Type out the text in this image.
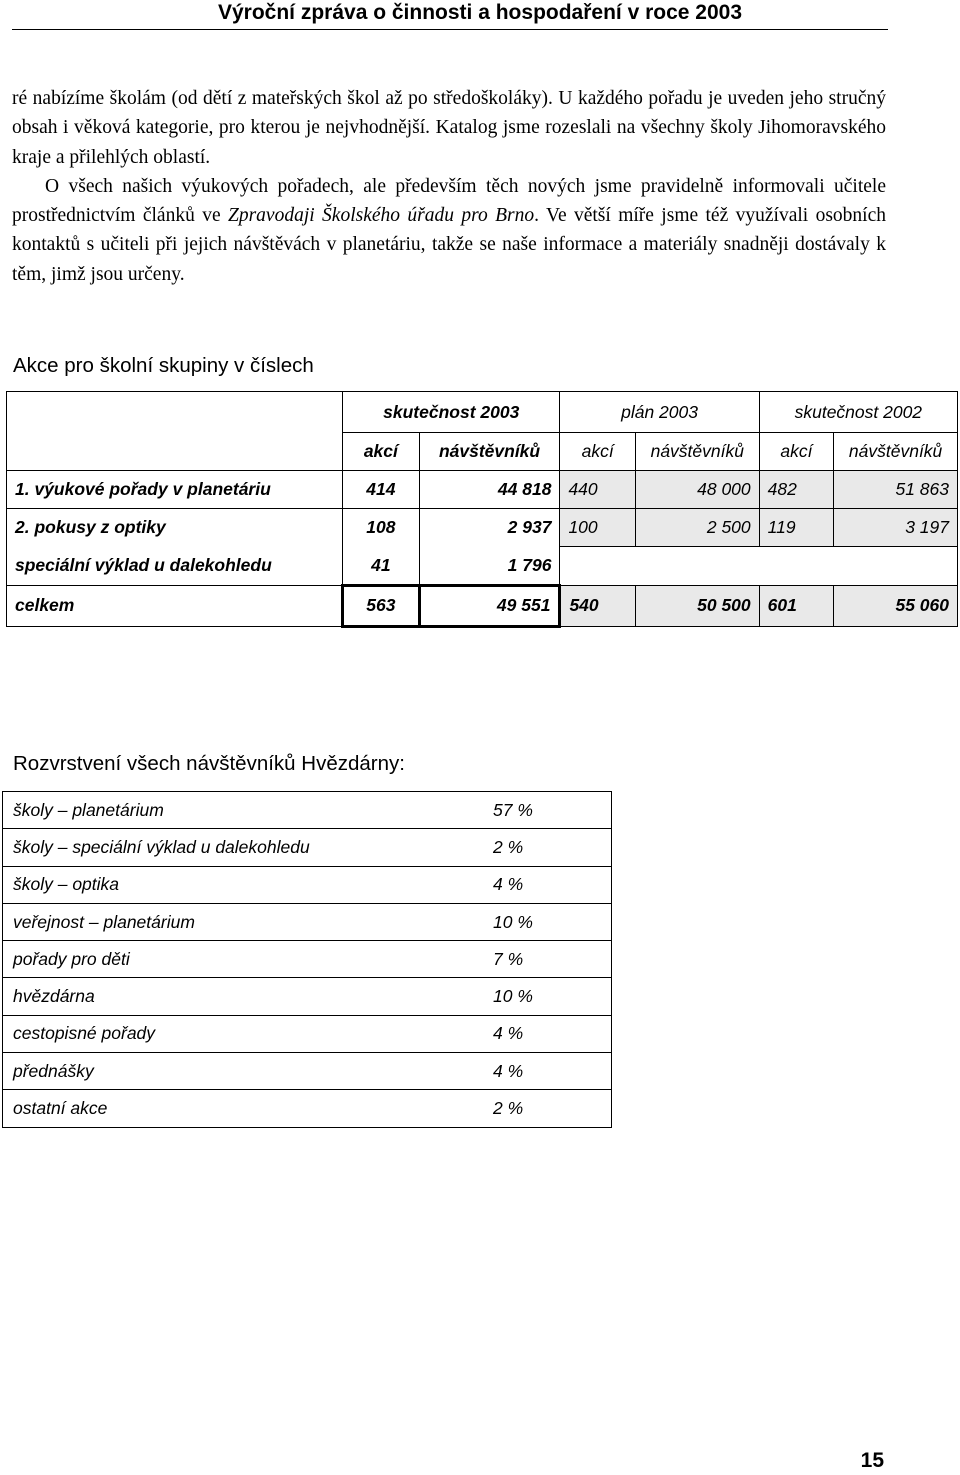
Výroční zpráva o činnosti a hospodaření v roce 2003

ré nabízíme školám (od dětí z mateřských škol až po středoškoláky). U každého pořadu je uveden jeho stručný obsah i věková kategorie, pro kterou je nejvhodnější. Katalog jsme rozeslali na všechny školy Jihomoravského kraje a přilehlých oblastí.

O všech našich výukových pořadech, ale především těch nových jsme pravidelně informovali učitele prostřednictvím článků ve Zpravodaji Školského úřadu pro Brno. Ve větší míře jsme též využívali osobních kontaktů s učiteli při jejich návštěvách v planetáriu, takže se naše informace a materiály snadněji dostávaly k těm, jimž jsou určeny.

Akce pro školní skupiny v číslech
	skutečnost 2003		plán 2003		skutečnost 2002	
	akcí	návštěvníků	akcí	návštěvníků	akcí	návštěvníků
1. výukové pořady v planetáriu	414	44 818	440	48 000	482	51 863
2. pokusy z optiky	108	2 937	100	2 500	119	3 197
speciální výklad u dalekohledu	41	1 796				
celkem	563	49 551	540	50 500	601	55 060
Rozvrstvení všech návštěvníků Hvězdárny:
školy – planetárium	57 %
školy – speciální výklad u dalekohledu	2 %
školy – optika	4 %
veřejnost – planetárium	10 %
pořady pro děti	7 %
hvězdárna	10 %
cestopisné pořady	4 %
přednášky	4 %
ostatní akce	2 %
15
